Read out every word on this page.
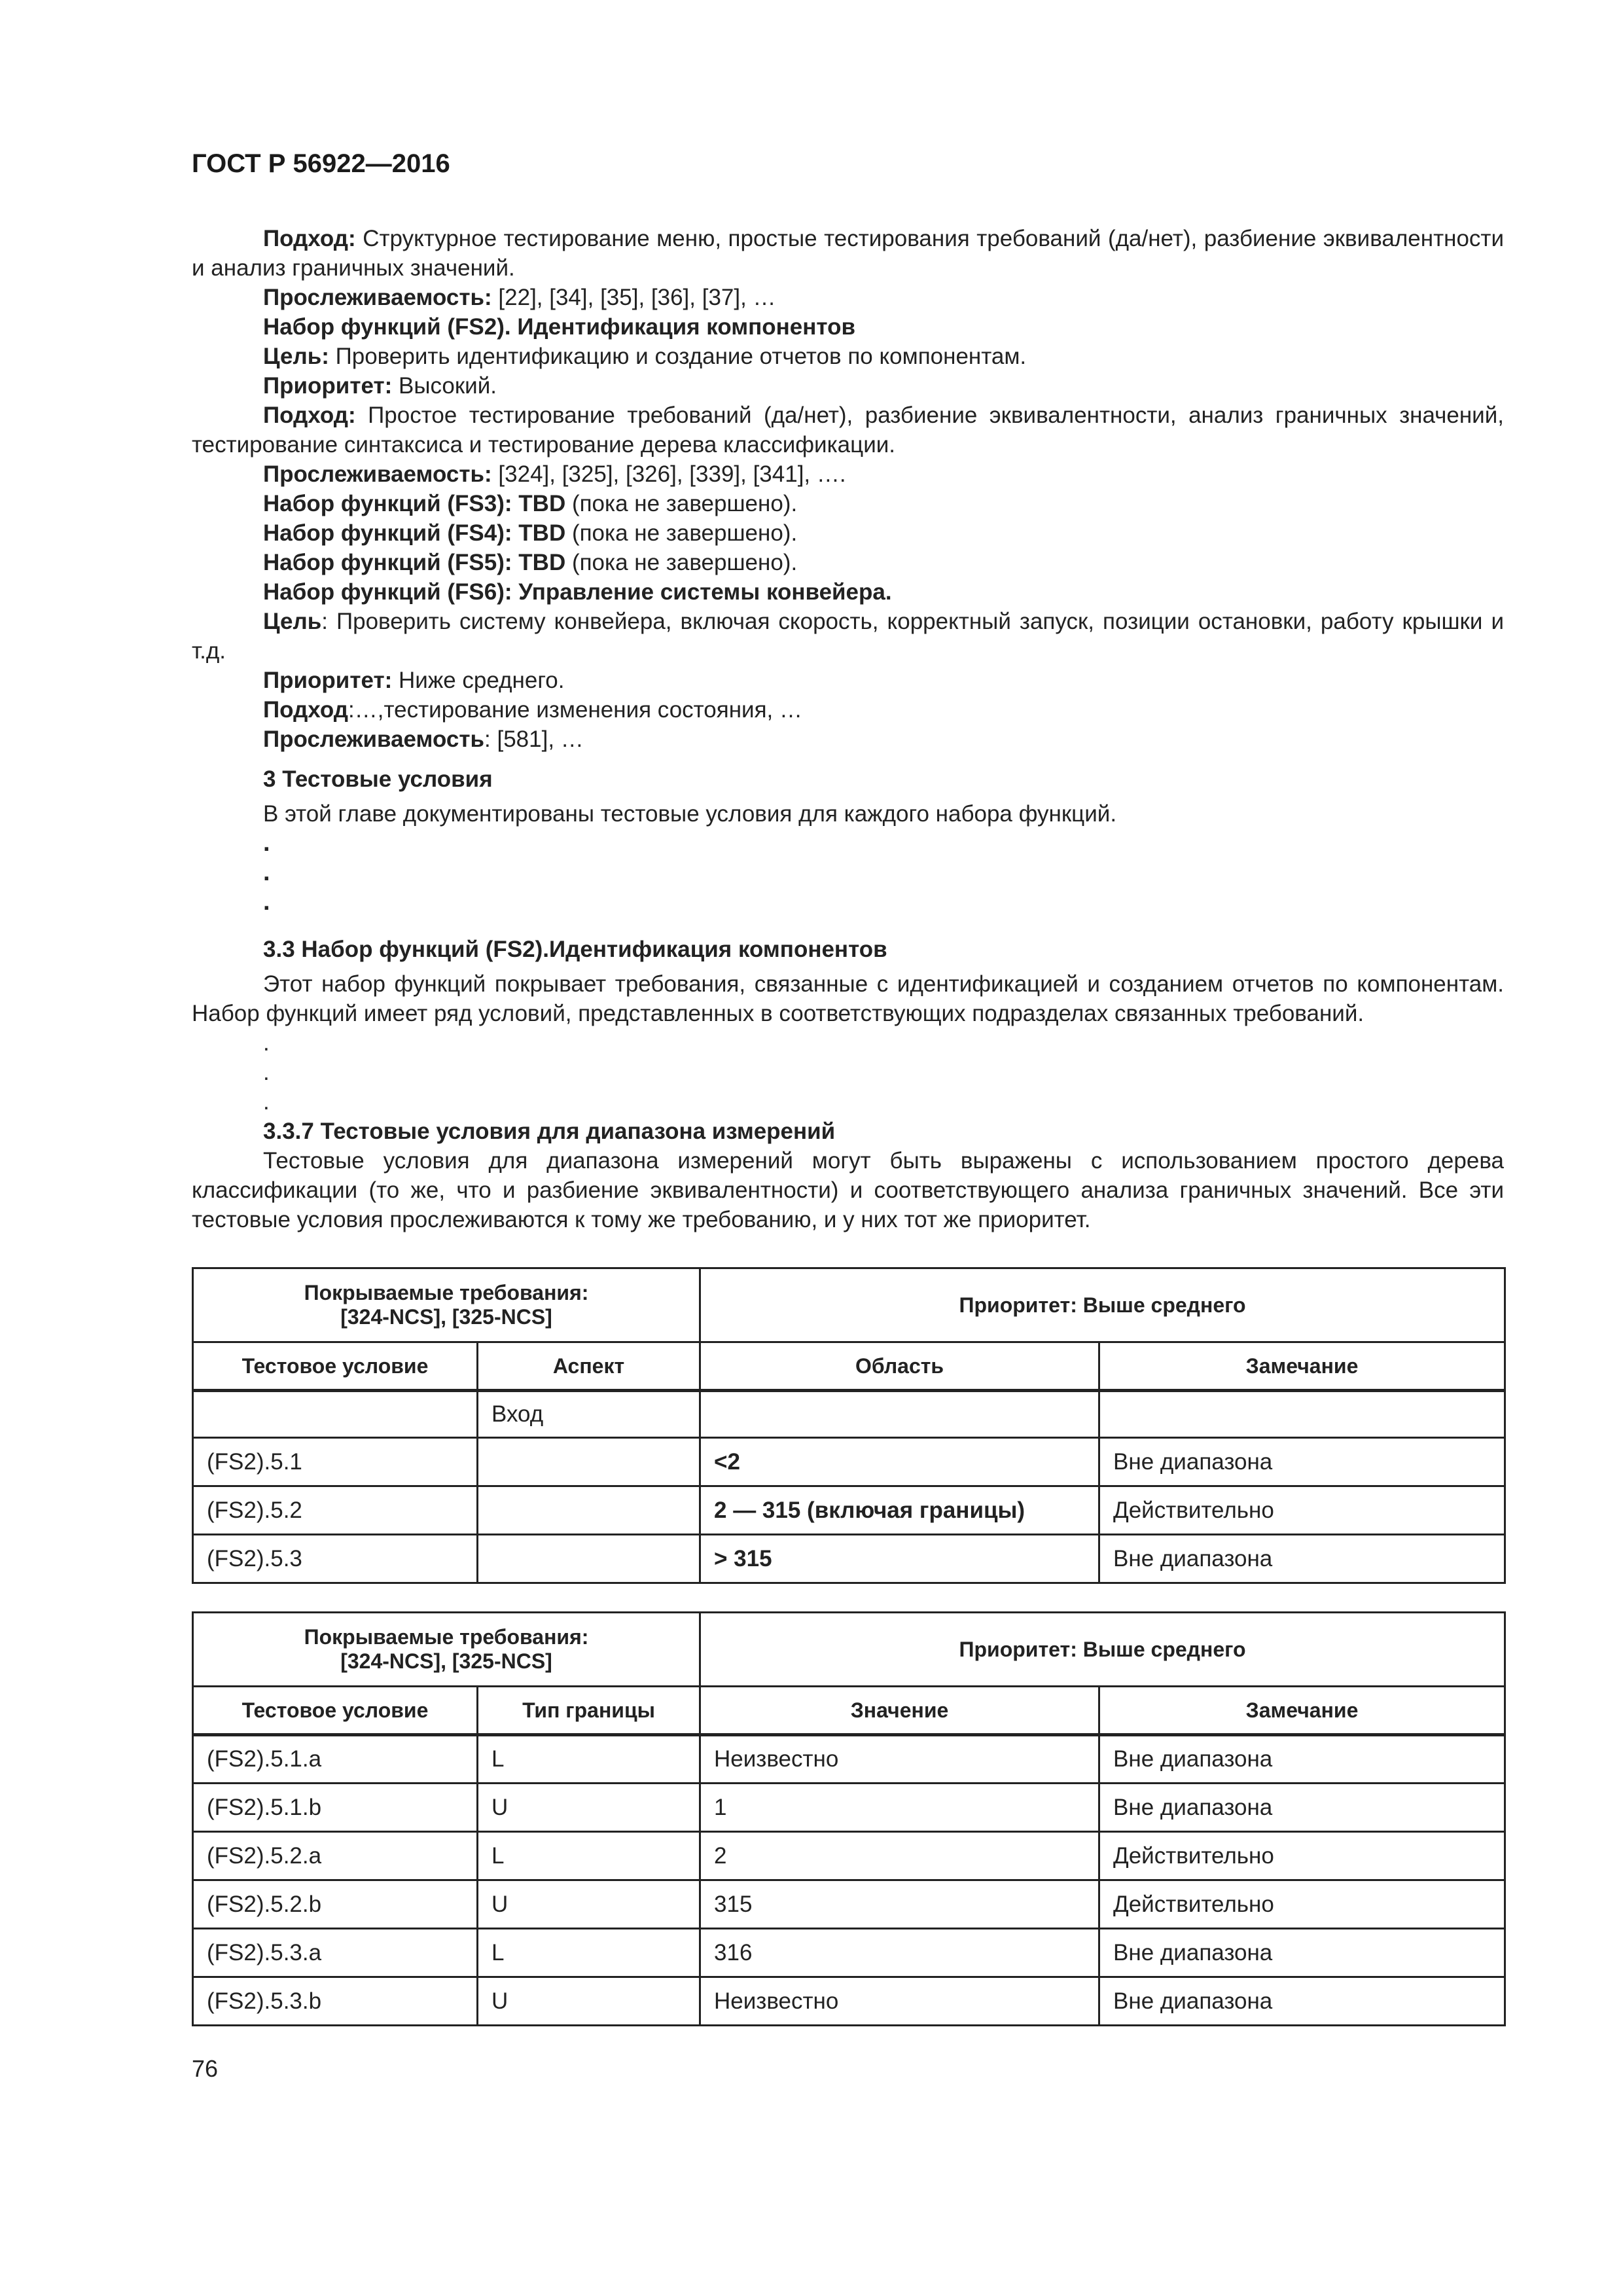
ГОСТ Р 56922—2016

Подход: Структурное тестирование меню, простые тестирования требований (да/нет), разбиение эквивалентности и анализ граничных значений.

Прослеживаемость: [22], [34], [35], [36], [37], …

Набор функций (FS2). Идентификация компонентов

Цель: Проверить идентификацию и создание отчетов по компонентам.

Приоритет: Высокий.

Подход: Простое тестирование требований (да/нет), разбиение эквивалентности, анализ граничных значений, тестирование синтаксиса и тестирование дерева классификации.

Прослеживаемость: [324], [325], [326], [339], [341], ….

Набор функций (FS3): TBD (пока не завершено).

Набор функций (FS4): TBD (пока не завершено).

Набор функций (FS5): TBD (пока не завершено).

Набор функций (FS6): Управление системы конвейера.

Цель: Проверить систему конвейера, включая скорость, корректный запуск, позиции остановки, работу крышки и т.д.

Приоритет: Ниже среднего.

Подход:…,тестирование изменения состояния, …

Прослеживаемость: [581], …

3 Тестовые условия

В этой главе документированы тестовые условия для каждого набора функций.

.

.

.

3.3 Набор функций (FS2).Идентификация компонентов

Этот набор функций покрывает требования, связанные с идентификацией и созданием отчетов по компонентам. Набор функций имеет ряд условий, представленных в соответствующих подразделах связанных требований.

.

.

.

3.3.7 Тестовые условия для диапазона измерений

Тестовые условия для диапазона измерений могут быть выражены с использованием простого дерева классификации (то же, что и разбиение эквивалентности) и соответствующего анализа граничных значений. Все эти тестовые условия прослеживаются к тому же требованию, и у них тот же приоритет.

Покрываемые требования:
[324-NCS], [325-NCS]		Приоритет: Выше среднего	
Тестовое условие	Аспект	Область	Замечание
	Вход		
(FS2).5.1		<2	Вне диапазона
(FS2).5.2		2 — 315 (включая границы)	Действительно
(FS2).5.3		> 315	Вне диапазона
Покрываемые требования:
[324-NCS], [325-NCS]		Приоритет: Выше среднего	
Тестовое условие	Тип границы	Значение	Замечание
(FS2).5.1.a	L	Неизвестно	Вне диапазона
(FS2).5.1.b	U	1	Вне диапазона
(FS2).5.2.a	L	2	Действительно
(FS2).5.2.b	U	315	Действительно
(FS2).5.3.a	L	316	Вне диапазона
(FS2).5.3.b	U	Неизвестно	Вне диапазона
76
